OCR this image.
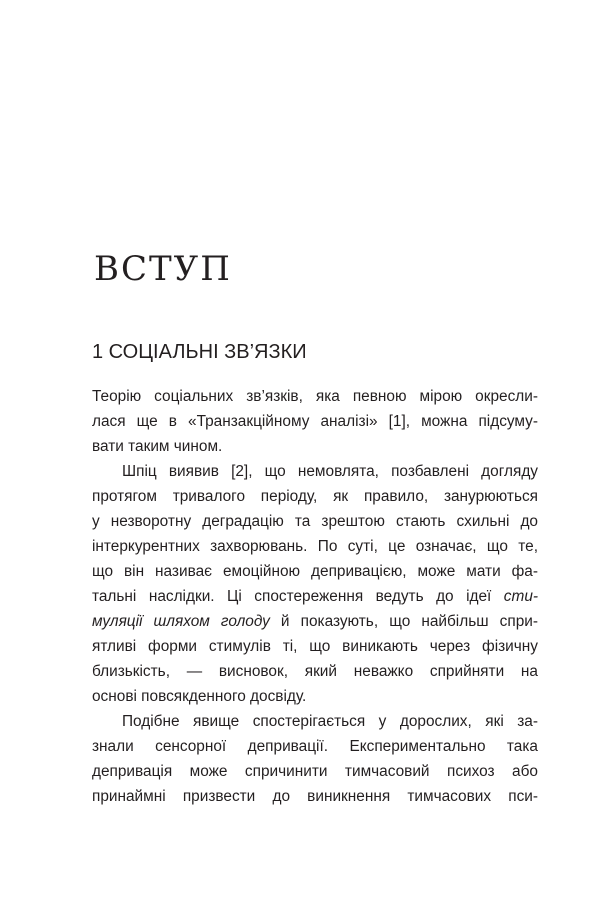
ВСТУП
1 СОЦІАЛЬНІ ЗВ’ЯЗКИ
Теорію соціальних зв’язків, яка певною мірою окресли-
лася ще в «Транзакційному аналізі» [1], можна підсуму-
вати таким чином.
Шпіц виявив [2], що немовлята, позбавлені догляду
протягом тривалого періоду, як правило, занурюються
у незворотну деградацію та зрештою стають схильні до
інтеркурентних захворювань. По суті, це означає, що те,
що він називає емоційною депривацією, може мати фа-
тальні наслідки. Ці спостереження ведуть до ідеї сти-
муляції шляхом голоду й показують, що найбільш спри-
ятливі форми стимулів ті, що виникають через фізичну
близькість, — висновок, який неважко сприйняти на
основі повсякденного досвіду.
Подібне явище спостерігається у дорослих, які за-
знали сенсорної депривації. Експериментально така
депривація може спричинити тимчасовий психоз або
принаймні призвести до виникнення тимчасових пси-
